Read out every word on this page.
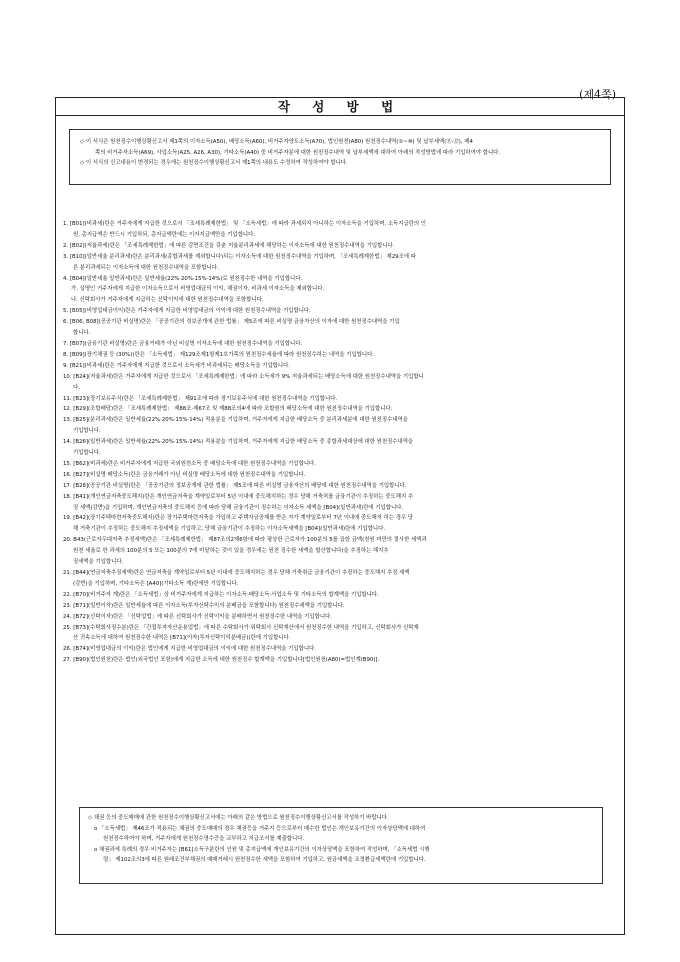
(제4쪽)
작 성 방 법

◇ 이 서식은 원천징수이행상황신고서 제1쪽의 이자소득(A50), 배당소득(A60), 비거주자양도소득(A70), 법인원천(A80) 원천징수내역(①~⑩) 및 납부세액(⑪·⑫), 제4

쪽의 비거주자소득(A69), 사업소득(A25, A26, A30), 기타소득(A40) 중 비거주자분에 대한 원천징수내역 및 납부세액에 대하여 아래의 작성방법에 따라 기입하여야 합니다.

◇ 이 서식의 신고내용이 변경되는 경우에는 원천징수이행상황신고서 제1쪽의 내용도 수정하여 작성하여야 합니다.

1. [B01](비과세)란은 거주자에게 지급한 것으로서 「조세특례제한법」 및 「소득세법」에 따라 과세되지 아니하는 이자소득을 기입하며, 소득지급란의 인

원, 총지급액은 반드시 기입하되, 총지급액란에는 이자지급액만을 기입합니다.

2. [B02](저율과세)란은 「조세특례제한법」에 따른 감면조건을 갖춘 저율분리과세에 해당하는 이자소득에 대한 원천징수내역을 기입합니다.

3. [B10](일반세율 분리과세)란은 분리과세(종합과세를 제외합니다)되는 이자소득에 대한 원천징수내역을 기입하며, 「조세특례제한법」 제29조에 따

른 분리과세되는 이자소득에 대한 원천징수내역을 포함합니다.

4. [B04](일반세율 일반과세)란은 일반세율(22%·20%·15%·14%)로 원천징수한 내역을 기입합니다.

가. 실명인 거주자에게 지급한 이자소득으로서 비영업대금의 이익, 채권이자, 비과세 이자소득을 제외합니다.

나. 신탁회사가 거주자에게 지급하는 신탁이익에 대한 원천징수내역을 포함합니다.

5. [B05](비영업대금이익)란은 거주자에게 지급한 비영업대금의 이익에 대한 원천징수내역을 기입합니다.

6. [B06, B08](공공기관 비실명)란은 「공공기관의 정보공개에 관한 법률」 제5조에 따른 비실명 금융자산의 이자에 대한 원천징수내역을 기입

합니다.

7. [B07](금융기관 비실명)란은 금융거래가 아닌 비실명 이자소득에 대한 원천징수내역을 기입합니다.

8. [B09](장기채권 등 (30%))란은 「소득세법」 제129조제1항제1호가목의 원천징수세율에 따라 원천징수하는 내역을 기입합니다.

9. [B21](비과세)란은 거주자에게 지급한 것으로서 소득세가 비과세되는 배당소득을 기입합니다.

10. [B24](저율과세)란은 거주자에게 지급한 것으로서 「조세특례제한법」에 따라 소득세가 9% 저율과세되는 배당소득에 대한 원천징수내역을 기입합니

다.

11. [B23](장기보유주식)란은 「조세특례제한법」 제91조에 따라 장기보유주식에 대한 원천징수내역을 기입합니다.

12. [B29](조합배당)란은 「조세특례제한법」 제88조·제67조 및 제88조의4에 따라 조합원의 배당소득에 대한 원천징수내역을 기입합니다.

13. [B25](분리과세)란은 일반세율(22%·20%·15%·14%) 적용분을 기입하며, 거주자에게 지급한 배당소득 중 분리과세분에 대한 원천징수내역을

기입합니다.

14. [B26](일반과세)란은 일반세율(22%·20%·15%·14%) 적용분을 기입하며, 거주자에게 지급한 배당소득 중 종합과세대상에 대한 원천징수내역을

기입합니다.

15. [B62](비과세)란은 비거주자에게 지급한 국외원천소득 중 배당소득에 대한 원천징수내역을 기입합니다.

16. [B27](비실명 배당소득)란은 금융거래가 아닌 비실명 배당소득에 대한 원천징수내역을 기입합니다.

17. [B28](공공기관 비실명)란은 「공공기관의 정보공개에 관한 법률」 제5조에 따른 비실명 금융자산의 배당에 대한 원천징수내역을 기입합니다.

18. [B41](개인연금저축중도해지)란은 개인연금저축을 계약일로부터 5년 이내에 중도해지하는 경우 당해 거축처를 금융기관이 추징하는 중도해지 추

징 세액(감면)을 기입하며, 개인연금저축의 중도해지 등에 따라 당해 금융기관이 징수하는 이자소득 세액을 [B04](일반과세)란에 기입합니다.

19. [B42](장기주택마련저축중도해지)란은 장기주택마련저축을 가입하고 주택자금공제를 받은 자가 계약일로부터 7년 이내에 중도해지 하는 경우 당

해 거축기관이 추징하는 중도해지 추징세액을 기입하고, 당해 금융기관이 추징하는 이자소득세액을 [B04](일반과세)란에 기입합니다.

20. B43(근로자우대저축 추징세액)란은 「조세특례제한법」 제87조의2제6항에 따라 평상한 근로자가 100분의 5를 곱한 금액(천원 미만의 절사한 세액과

원천 세율로 한 과세의 100분의 5 또는 100분의 7에 미달하는 것이 있을 경우에는 원천 징수한 세액을 합산합니다)을 추징하는 해지추

징세액을 기입합니다.

21. [B44](연금저축추징세액)란은 연금저축을 계약일로부터 5년 이내에 중도해지하는 경우 당해 거축취급 금융기관이 추징하는 중도해지 추징 세액

(감면)을 기입하며, 기타소득은 [A40](기타소득 계)란에만 기입합니다.

22. [B70](비거주자 계)란은 「소득세법」상 비거주자에게 지급하는 이자소득·배당소득·사업소득 및 기타소득의 합계액을 기입합니다.

23. [B71](일반이자)란은 일반세율에 따른 이자소득(투자신탁수익의 분배금을 포함합니다) 원천징수세액을 기입합니다.

24. [B72](신탁이자)란은 「신탁업법」에 따른 신탁회사가 신탁이익을 분배하면서 원천징수한 내역을 기입합니다.

25. [B73](수탁회사징수분)란은 「간접투자자산운용업법」에 따른 수탁회사가 위탁회사 신탁재산에서 원천징수한 내역을 기입하고, 신탁회사가 신탁재

산 귀속소득에 대하여 원천징수한 내역은 [B71](이자(투자신탁이익분배금))란에 기입합니다.

26. [B74](비영업대금의 이익)란은 법인에게 지급한 비영업대금의 이익에 대한 원천징수내역을 기입합니다.

27. [B90](법인원천)란은 법인(외국법인 포함)에게 지급한 소득에 대한 원천징수 합계액을 기입합니다[법인원천(A80)=법인계(B90)].

◇ 채권 등의 중도매매에 관한 원천징수이행상황신고서에는 아래의 같은 방법으로 원천징수이행상황신고서를 작성하기 바랍니다.

o 「소득세법」 제46조가 적용되는 채권의 중도매매의 경우 채권등을 거주지 등으로부터 매수한 법인은 개인보유기간의 이자상당액에 대하여

원천징수하여야 하며, 거주자에게 원천징수영수증을 교부하고 지급조서를 제출합니다.

o 채권과세 특례의 경우 비거주자는 [B61]소득구분란의 인원 및 총지급액에 개인보유기간의 이자상당액을 포함하여 작성하며, 「소득세법 시행

령」 제102조의3에 따른 원래조건부채권의 매매거래시 원천징수한 세액을 포함하여 기입하고, 원금세액을 조정환급세액란에 기입합니다.
